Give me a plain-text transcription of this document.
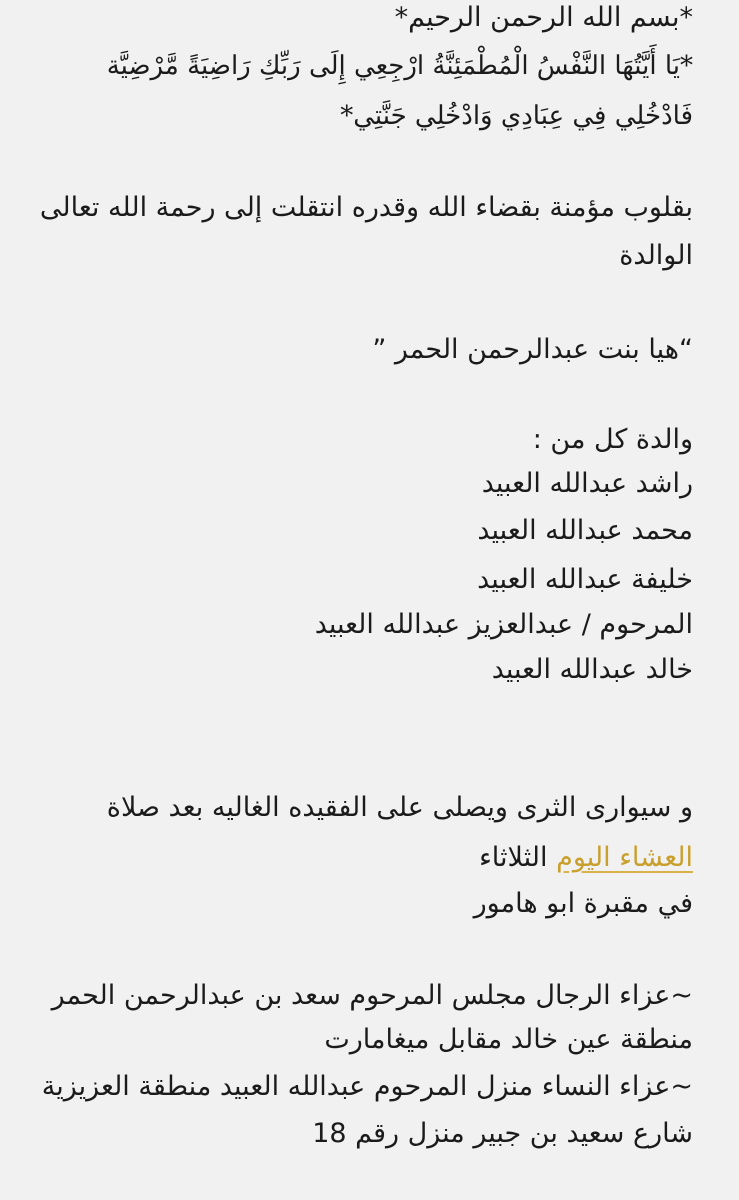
*بسم الله الرحمن الرحيم*
*يَا أَيَّتُهَا النَّفْسُ الْمُطْمَئِنَّةُ ارْجِعِي إِلَى رَبِّكِ رَاضِيَةً مَّرْضِيَّة
فَادْخُلِي فِي عِبَادِي وَادْخُلِي جَنَّتِي*
بقلوب مؤمنة بقضاء الله وقدره انتقلت إلى رحمة الله تعالى
الوالدة
“هيا بنت عبدالرحمن الحمر ”
والدة كل من :
راشد عبدالله العبيد
محمد عبدالله العبيد
خليفة عبدالله العبيد
المرحوم / عبدالعزيز عبدالله العبيد
خالد عبدالله العبيد
و سيوارى الثرى ويصلى على الفقيده الغاليه بعد صلاة
العشاء اليوم الثلاثاء
في مقبرة ابو هامور
~عزاء الرجال مجلس المرحوم سعد بن عبدالرحمن الحمر
منطقة عين خالد مقابل ميغامارت
~عزاء النساء منزل المرحوم عبدالله العبيد منطقة العزيزية
شارع سعيد بن جبير منزل رقم 18
